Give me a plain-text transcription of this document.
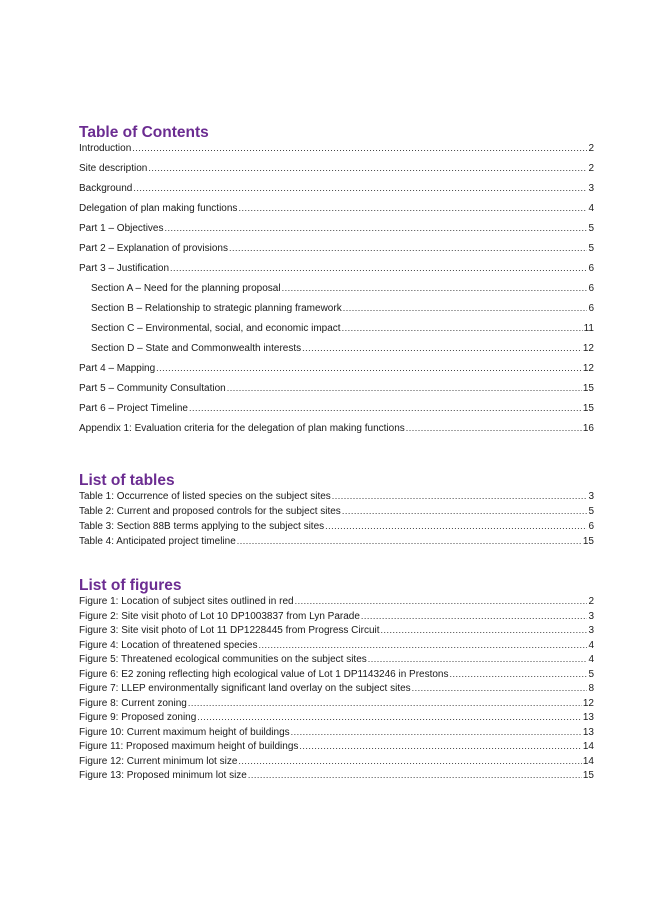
Table of Contents
Introduction .....	2
Site description .....	2
Background .....	3
Delegation of plan making functions .....	4
Part 1 – Objectives .....	5
Part 2 – Explanation of provisions .....	5
Part 3 – Justification .....	6
Section A – Need for the planning proposal .....	6
Section B – Relationship to strategic planning framework .....	6
Section C – Environmental, social, and economic impact .....	11
Section D – State and Commonwealth interests .....	12
Part 4 – Mapping .....	12
Part 5 – Community Consultation .....	15
Part 6 – Project Timeline .....	15
Appendix 1: Evaluation criteria for the delegation of plan making functions .....	16
List of tables
Table 1: Occurrence of listed species on the subject sites .....	3
Table 2: Current and proposed controls for the subject sites .....	5
Table 3: Section 88B terms applying to the subject sites .....	6
Table 4: Anticipated project timeline .....	15
List of figures
Figure 1: Location of subject sites outlined in red .....	2
Figure 2: Site visit photo of Lot 10 DP1003837 from Lyn Parade .....	3
Figure 3: Site visit photo of Lot 11 DP1228445 from Progress Circuit .....	3
Figure 4: Location of threatened species .....	4
Figure 5: Threatened ecological communities on the subject sites .....	4
Figure 6: E2 zoning reflecting high ecological value of Lot 1 DP1143246 in Prestons .....	5
Figure 7: LLEP environmentally significant land overlay on the subject sites .....	8
Figure 8: Current zoning .....	12
Figure 9: Proposed zoning .....	13
Figure 10: Current maximum height of buildings .....	13
Figure 11: Proposed maximum height of buildings .....	14
Figure 12: Current minimum lot size .....	14
Figure 13: Proposed minimum lot size .....	15
